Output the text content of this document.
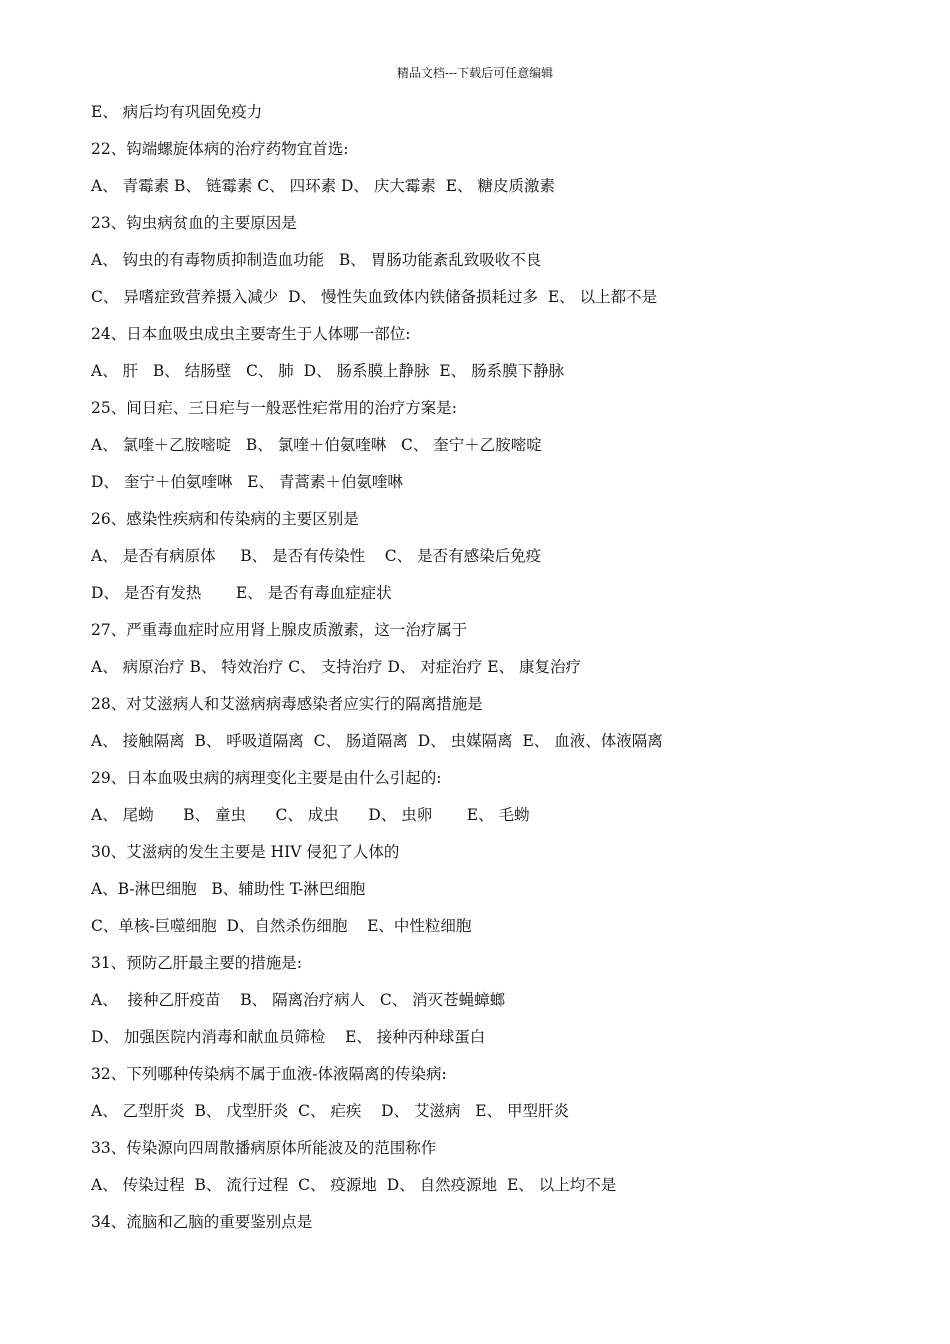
精品文档---下载后可任意编辑
E、 病后均有巩固免疫力
22、钩端螺旋体病的治疗药物宜首选:
A、 青霉素 B、 链霉素 C、 四环素 D、 庆大霉素  E、 糖皮质激素
23、钩虫病贫血的主要原因是
A、 钩虫的有毒物质抑制造血功能   B、 胃肠功能紊乱致吸收不良
C、 异嗜症致营养摄入减少  D、 慢性失血致体内铁储备损耗过多  E、 以上都不是
24、日本血吸虫成虫主要寄生于人体哪一部位:
A、 肝   B、 结肠壁   C、 肺  D、 肠系膜上静脉  E、 肠系膜下静脉
25、间日疟、三日疟与一般恶性疟常用的治疗方案是:
A、 氯喹＋乙胺嘧啶   B、 氯喹＋伯氨喹啉   C、 奎宁＋乙胺嘧啶
D、 奎宁＋伯氨喹啉   E、 青蒿素＋伯氨喹啉
26、感染性疾病和传染病的主要区别是
A、 是否有病原体     B、 是否有传染性    C、 是否有感染后免疫
D、 是否有发热       E、 是否有毒血症症状
27、严重毒血症时应用肾上腺皮质激素，这一治疗属于
A、 病原治疗 B、 特效治疗 C、 支持治疗 D、 对症治疗 E、 康复治疗
28、对艾滋病人和艾滋病病毒感染者应实行的隔离措施是
A、 接触隔离  B、 呼吸道隔离  C、 肠道隔离  D、 虫媒隔离  E、 血液、体液隔离
29、日本血吸虫病的病理变化主要是由什么引起的:
A、 尾蚴      B、 童虫      C、 成虫      D、 虫卵       E、 毛蚴
30、艾滋病的发生主要是 HIV 侵犯了人体的
A、B-淋巴细胞   B、辅助性 T-淋巴细胞
C、单核-巨噬细胞  D、自然杀伤细胞    E、中性粒细胞
31、预防乙肝最主要的措施是:
A、  接种乙肝疫苗    B、 隔离治疗病人   C、 消灭苍蝇蟑螂
D、 加强医院内消毒和献血员筛检    E、 接种丙种球蛋白
32、下列哪种传染病不属于血液-体液隔离的传染病:
A、 乙型肝炎  B、 戊型肝炎  C、 疟疾    D、 艾滋病   E、 甲型肝炎
33、传染源向四周散播病原体所能波及的范围称作
A、 传染过程  B、 流行过程  C、 疫源地  D、 自然疫源地  E、 以上均不是
34、流脑和乙脑的重要鉴别点是
